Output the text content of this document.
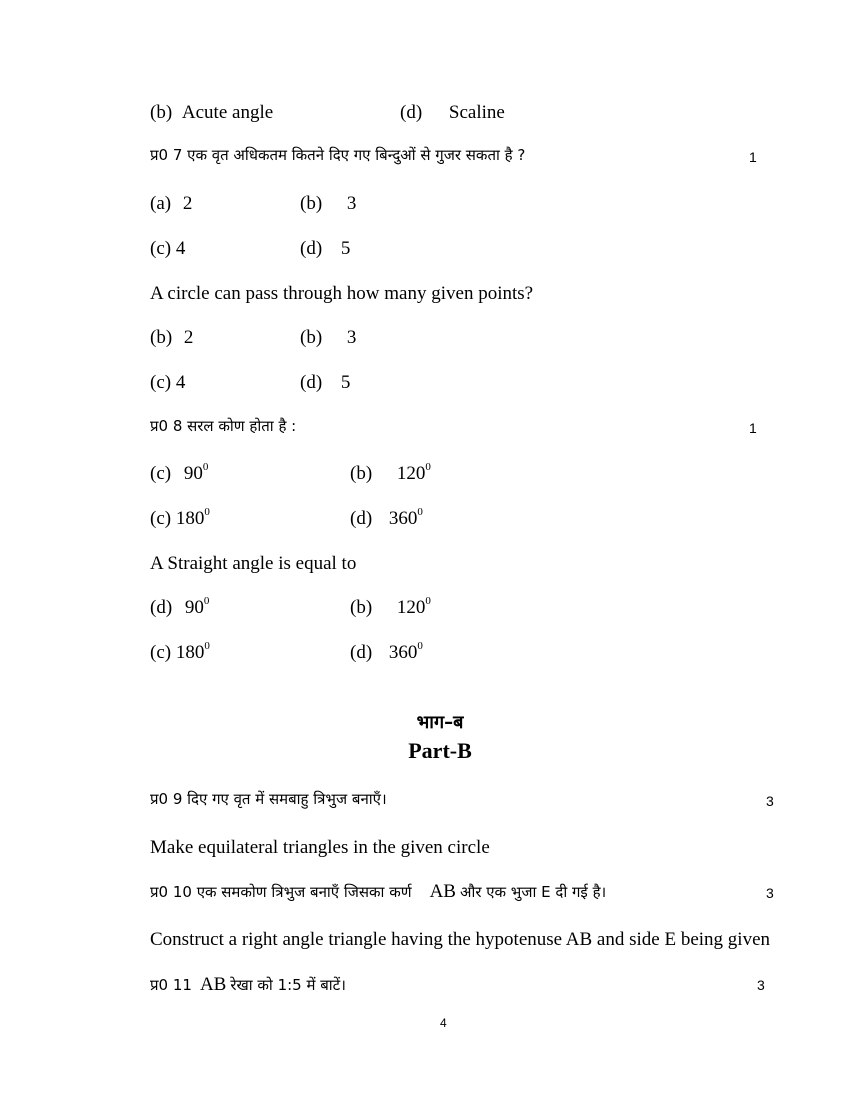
(b) Acute angle	(d) Scaline
प्र0 7 एक वृत अधिकतम कितने दिए गए बिन्दुओं से गुजर सकता है ?	1
(a) 2	(b) 3
(c) 4	(d) 5
A circle can pass through how many given points?
(b) 2	(b) 3
(c) 4	(d) 5
प्र0 8 सरल कोण होता है :	1
(c) $90^0$	(b) $120^0$
(c) $180^0$	(d) $360^0$
A Straight angle is equal to
(d) $90^0$	(b) $120^0$
(c) $180^0$	(d) $360^0$
भाग–ब
Part-B
प्र0 9 दिए गए वृत में समबाहु त्रिभुज बनाएँ।	3
Make equilateral triangles in the given circle
प्र0 10 एक समकोण त्रिभुज बनाएँ जिसका कर्ण AB और एक भुजा E दी गई है।	3
Construct a right angle triangle having the hypotenuse AB and side E being given
प्र0 11 AB रेखा को 1:5 में बाटें।	3
4
